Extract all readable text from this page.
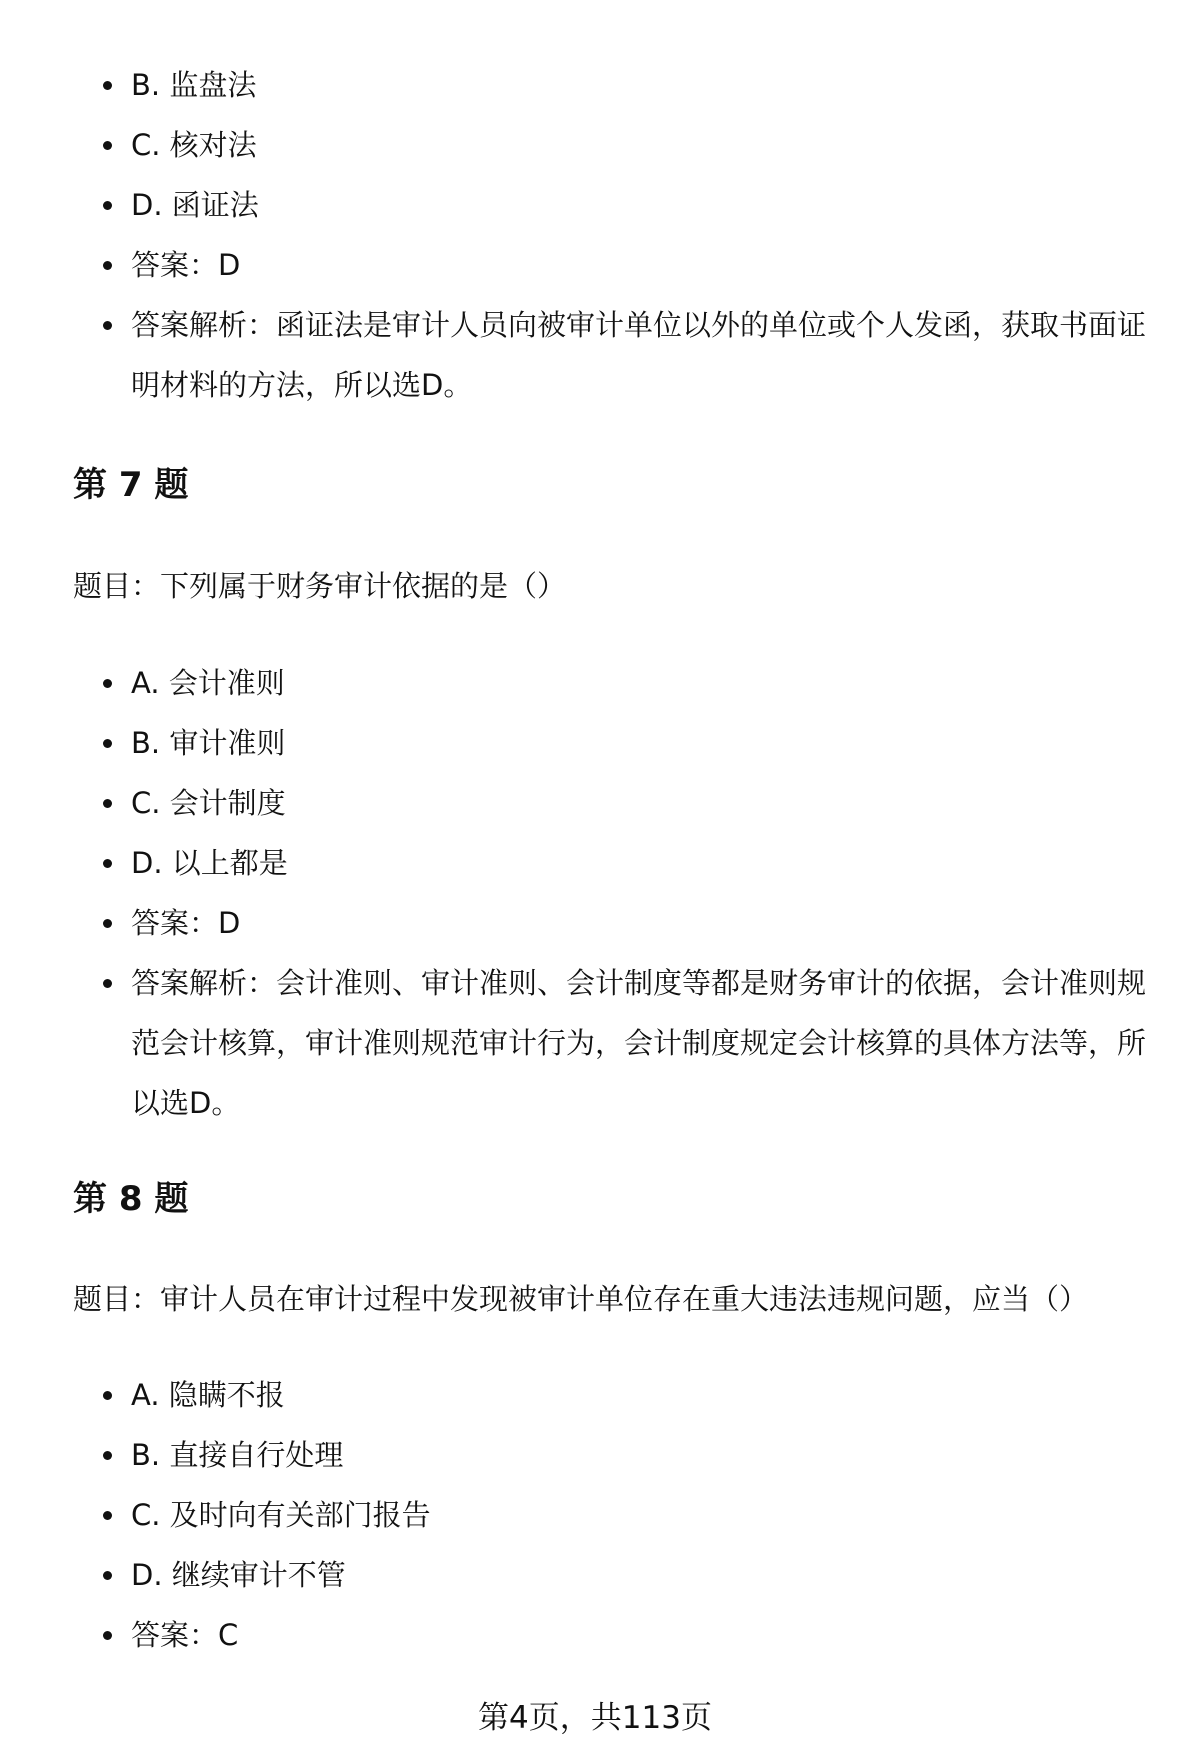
B. 监盘法
C. 核对法
D. 函证法
答案：D
答案解析：函证法是审计人员向被审计单位以外的单位或个人发函，获取书面证明材料的方法，所以选D。
第 7 题
题目：下列属于财务审计依据的是（）
A. 会计准则
B. 审计准则
C. 会计制度
D. 以上都是
答案：D
答案解析：会计准则、审计准则、会计制度等都是财务审计的依据，会计准则规范会计核算，审计准则规范审计行为，会计制度规定会计核算的具体方法等，所以选D。
第 8 题
题目：审计人员在审计过程中发现被审计单位存在重大违法违规问题，应当（）
A. 隐瞒不报
B. 直接自行处理
C. 及时向有关部门报告
D. 继续审计不管
答案：C
第4页，共113页
